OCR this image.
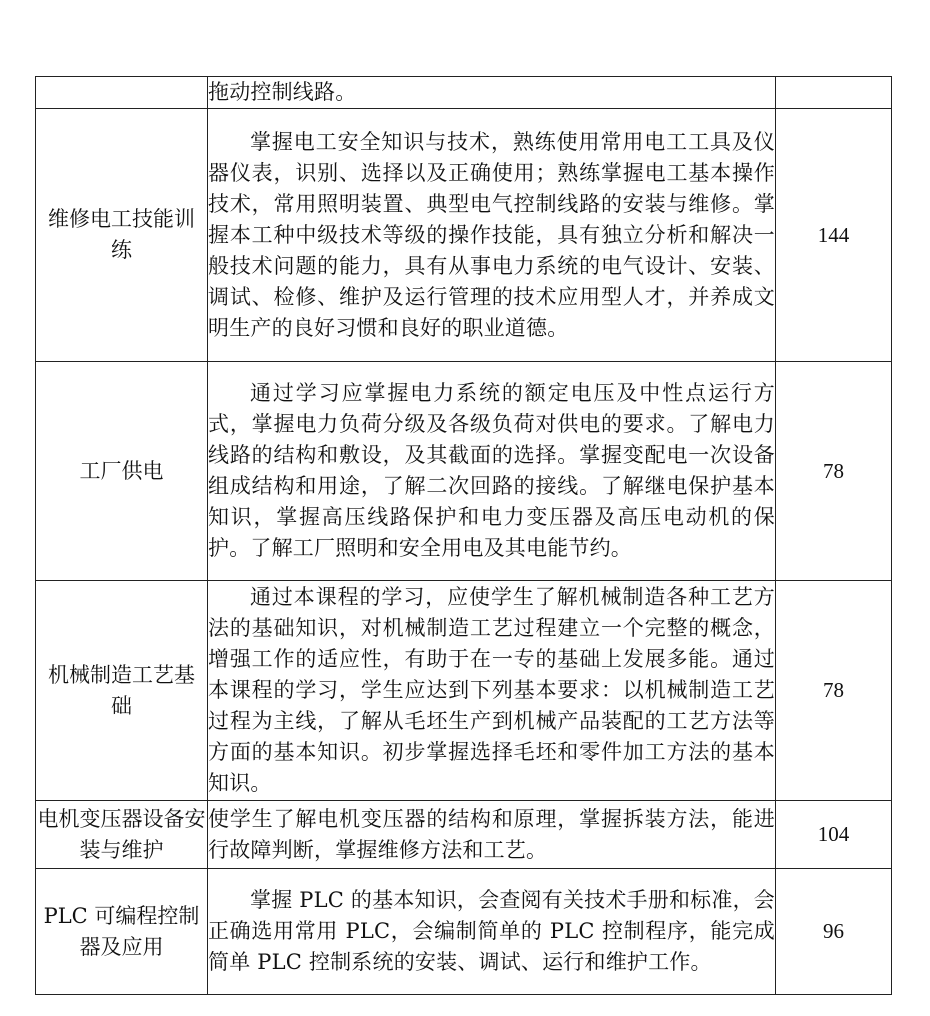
	拖动控制线路。	

维修电工技能训练	掌握电工安全知识与技术，熟练使用常用电工工具及仪器仪表，识别、选择以及正确使用；熟练掌握电工基本操作技术，常用照明装置、典型电气控制线路的安装与维修。掌握本工种中级技术等级的操作技能，具有独立分析和解决一般技术问题的能力，具有从事电力系统的电气设计、安装、调试、检修、维护及运行管理的技术应用型人才，并养成文明生产的良好习惯和良好的职业道德。	144

工厂供电	通过学习应掌握电力系统的额定电压及中性点运行方式，掌握电力负荷分级及各级负荷对供电的要求。了解电力线路的结构和敷设，及其截面的选择。掌握变配电一次设备组成结构和用途，了解二次回路的接线。了解继电保护基本知识，掌握高压线路保护和电力变压器及高压电动机的保护。了解工厂照明和安全用电及其电能节约。	78

机械制造工艺基础	通过本课程的学习，应使学生了解机械制造各种工艺方法的基础知识，对机械制造工艺过程建立一个完整的概念，增强工作的适应性，有助于在一专的基础上发展多能。通过本课程的学习，学生应达到下列基本要求：以机械制造工艺过程为主线，了解从毛坯生产到机械产品装配的工艺方法等方面的基本知识。初步掌握选择毛坯和零件加工方法的基本知识。	78

电机变压器设备安装与维护	使学生了解电机变压器的结构和原理，掌握拆装方法，能进行故障判断，掌握维修方法和工艺。	104

PLC 可编程控制器及应用	掌握 PLC 的基本知识，会查阅有关技术手册和标准，会正确选用常用 PLC，会编制简单的 PLC 控制程序，能完成简单 PLC 控制系统的安装、调试、运行和维护工作。	96
